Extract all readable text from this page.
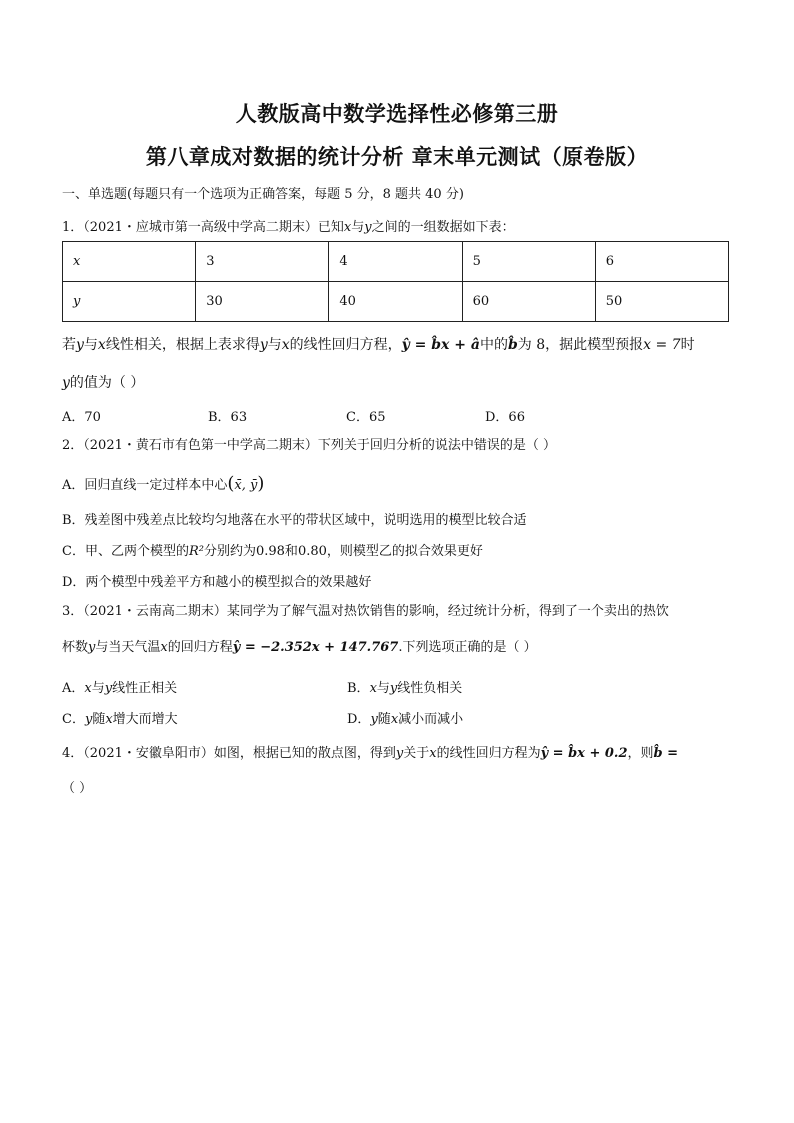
人教版高中数学选择性必修第三册
第八章成对数据的统计分析 章末单元测试（原卷版）
一、单选题(每题只有一个选项为正确答案，每题 5 分，8 题共 40 分)
1．（2021・应城市第一高级中学高二期末）已知x与y之间的一组数据如下表：
x	3	4	5	6
y	30	40	60	50
若y与x线性相关，根据上表求得y与x的线性回归方程，ŷ = b̂x + â中的b̂为 8，据此模型预报x = 7时
y的值为（ ）
A．70	B．63	C．65	D．66
2．（2021・黄石市有色第一中学高二期末）下列关于回归分析的说法中错误的是（ ）
A．回归直线一定过样本中心(x̄, ȳ)
B．残差图中残差点比较均匀地落在水平的带状区域中，说明选用的模型比较合适
C．甲、乙两个模型的R²分别约为0.98和0.80，则模型乙的拟合效果更好
D．两个模型中残差平方和越小的模型拟合的效果越好
3．（2021・云南高二期末）某同学为了解气温对热饮销售的影响，经过统计分析，得到了一个卖出的热饮
杯数y与当天气温x的回归方程ŷ = −2.352x + 147.767.下列选项正确的是（ ）
A．x与y线性正相关	B．x与y线性负相关
C．y随x增大而增大	D．y随x减小而减小
4．（2021・安徽阜阳市）如图，根据已知的散点图，得到y关于x的线性回归方程为ŷ = b̂x + 0.2，则b̂ =
（ ）
